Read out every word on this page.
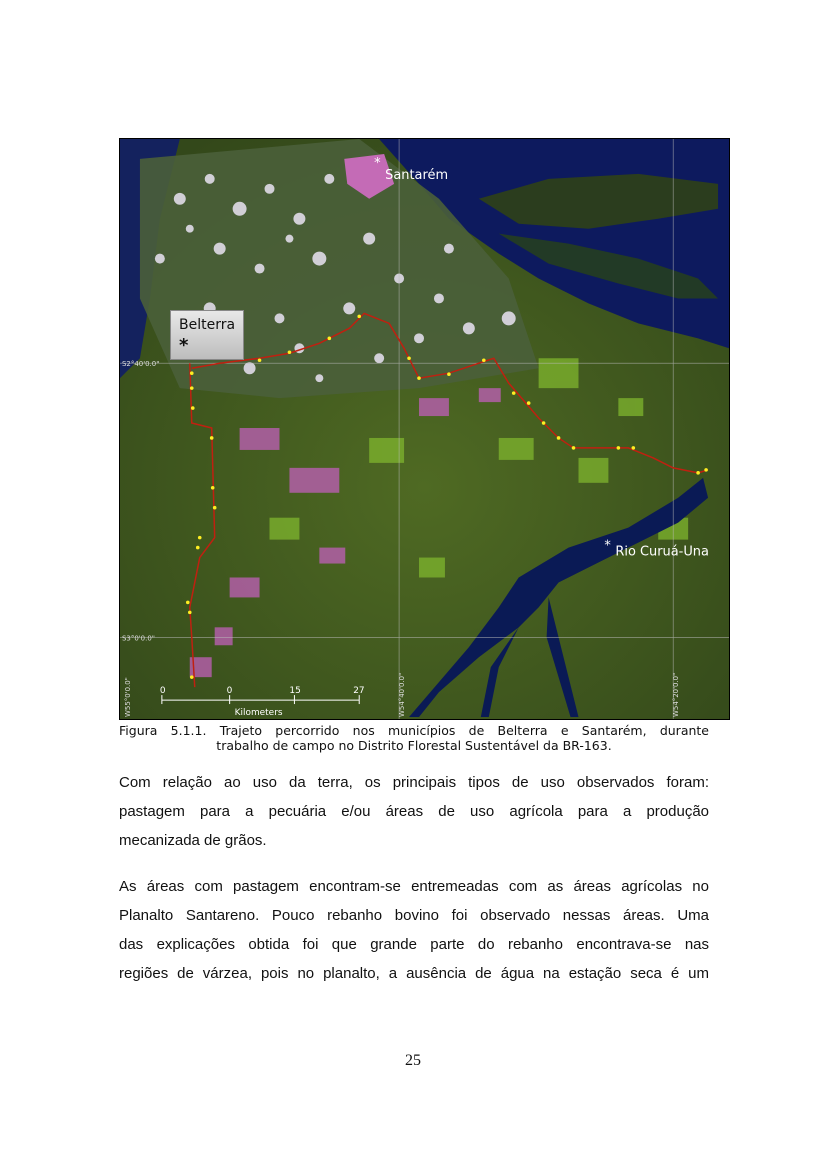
*
Santarém
* Rio Curuá-Una
S2°40'0.0"
S3°0'0.0"
W55°0'0.0"	W54°40'0.0"	W54°20'0.0"
0	0	15	27
Kilometers
Belterra
*
Figura 5.1.1. Trajeto percorrido nos municípios de Belterra e Santarém, durante
trabalho de campo no Distrito Florestal Sustentável da BR-163.
Com relação ao uso da terra, os principais tipos de uso observados foram:
pastagem para a pecuária e/ou áreas de uso agrícola para a produção
mecanizada de grãos.
As áreas com pastagem encontram-se entremeadas com as áreas agrícolas no
Planalto Santareno. Pouco rebanho bovino foi observado nessas áreas. Uma
das explicações obtida foi que grande parte do rebanho encontrava-se nas
regiões de várzea, pois no planalto, a ausência de água na estação seca é um
25
